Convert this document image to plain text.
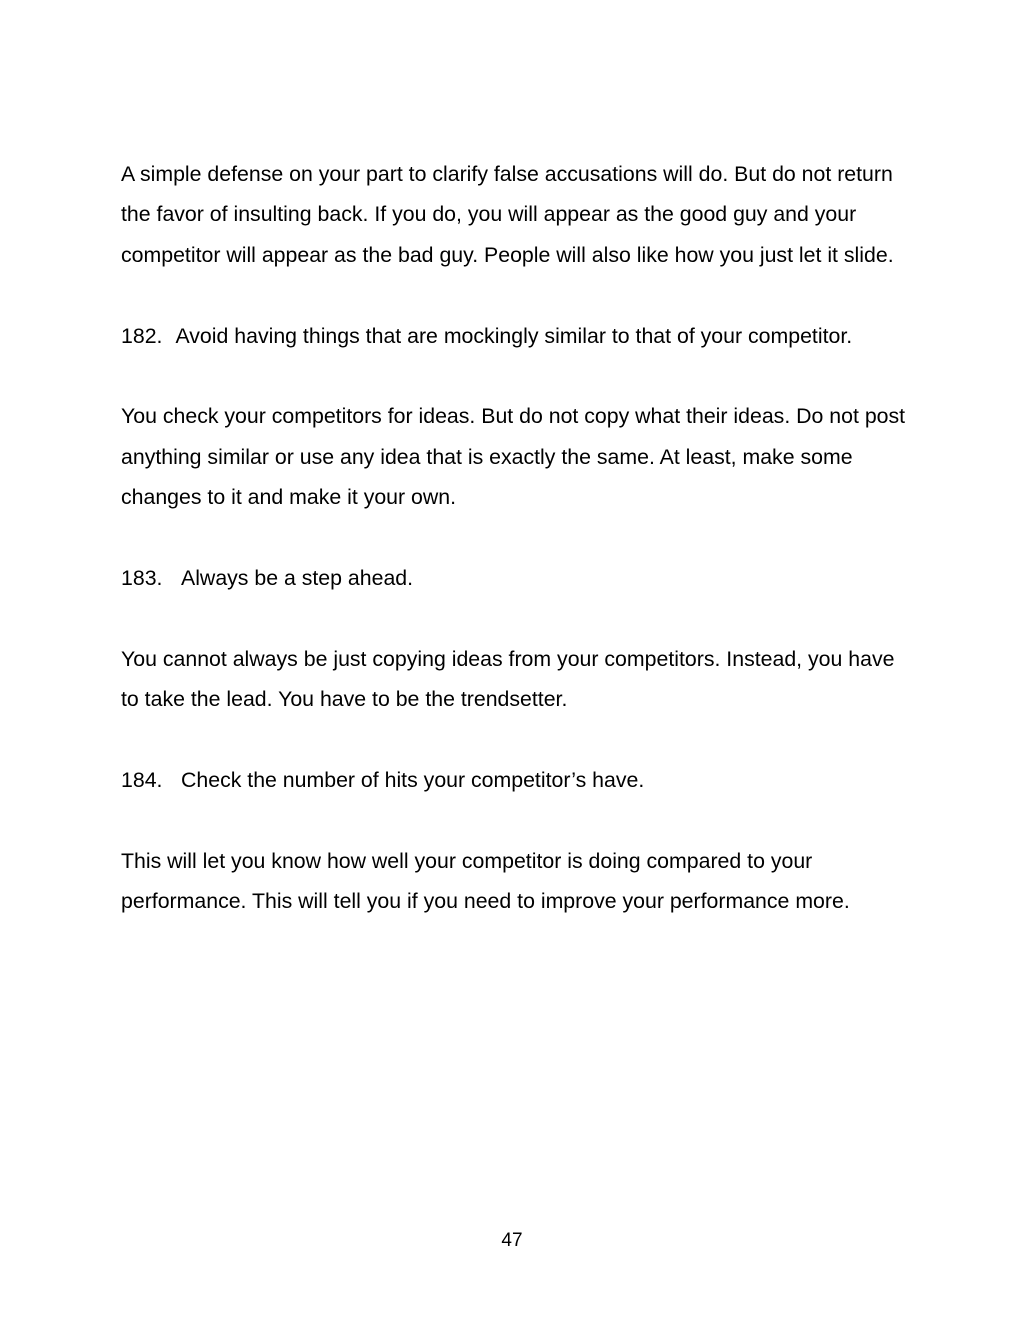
A simple defense on your part to clarify false accusations will do. But do not return the favor of insulting back. If you do, you will appear as the good guy and your competitor will appear as the bad guy. People will also like how you just let it slide.

182. Avoid having things that are mockingly similar to that of your competitor.

You check your competitors for ideas. But do not copy what their ideas. Do not post anything similar or use any idea that is exactly the same. At least, make some changes to it and make it your own.

183. Always be a step ahead.

You cannot always be just copying ideas from your competitors. Instead, you have to take the lead. You have to be the trendsetter.

184. Check the number of hits your competitor’s have.

This will let you know how well your competitor is doing compared to your performance. This will tell you if you need to improve your performance more.

47
